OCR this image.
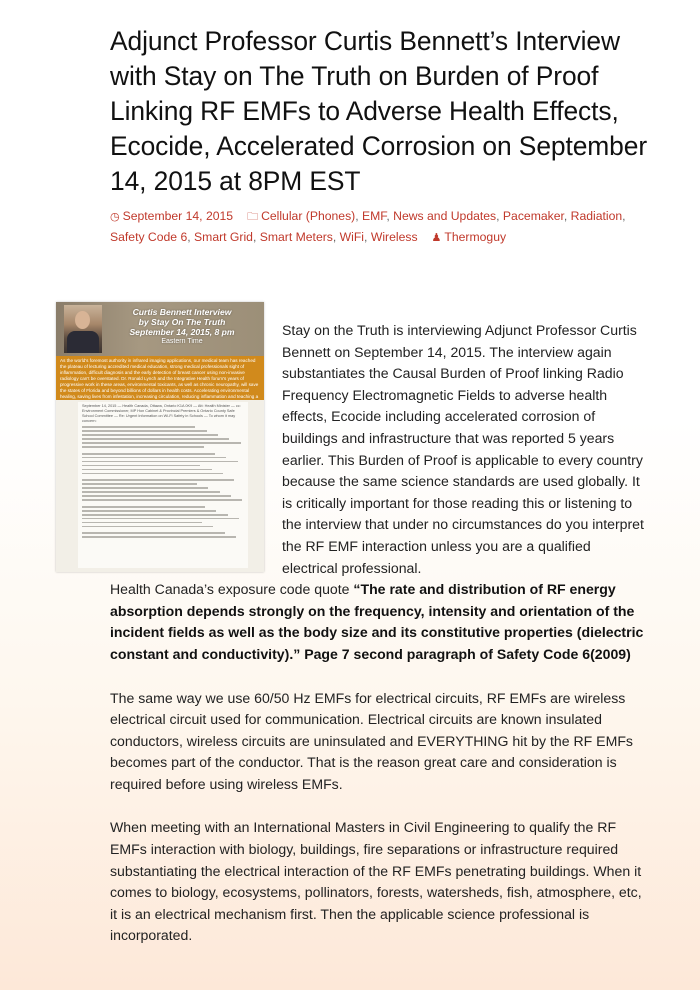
Adjunct Professor Curtis Bennett’s Interview with Stay on The Truth on Burden of Proof Linking RF EMFs to Adverse Health Effects, Ecocide, Accelerated Corrosion on September 14, 2015 at 8PM EST
◷ September 14, 2015 🗀 Cellular (Phones), EMF, News and Updates, Pacemaker, Radiation, Safety Code 6, Smart Grid, Smart Meters, WiFi, Wireless ♟ Thermoguy
Curtis Bennett Interview
by Stay On The Truth
September 14, 2015, 8 pm
Eastern Time
As the world's foremost authority in infrared imaging applications, our medical team has reached the plateau of lecturing accredited medical education, strong medical professionals sight of inflammation, difficult diagnosis and the early detection of breast cancer using non-invasive radiology can't be overstated. Dr. Ronald Lynch and the Integrative Health forum's years of progressive work in these areas, environmental toxicants, as well as chronic neuropathy, will save the states of Florida and beyond billions of dollars in health costs. Accelerating environmental healing, saving lives from infestation, increasing circulation, reducing inflammation and teaching a
September 14, 2015 — Health Canada, Ottawa, Ontario K1A 0K9 — Att: Health Minister — cc: Environment Commissioner, MP Hon Cabinet & Provincial Premiers & Ontario County Safe School Committee — Re: Urgent Information on Wi-Fi Safety in Schools — To whom it may concern:

Stay on the Truth is interviewing Adjunct Professor Curtis Bennett on September 14, 2015. The interview again substantiates the Causal Burden of Proof linking Radio Frequency Electromagnetic Fields to adverse health effects, Ecocide including accelerated corrosion of buildings and infrastructure that was reported 5 years earlier. This Burden of Proof is applicable to every country because the same science standards are used globally. It is critically important for those reading this or listening to the interview that under no circumstances do you interpret the RF EMF interaction unless you are a qualified electrical professional.

Health Canada’s exposure code quote “The rate and distribution of RF energy absorption depends strongly on the frequency, intensity and orientation of the incident fields as well as the body size and its constitutive properties (dielectric constant and conductivity).” Page 7 second paragraph of Safety Code 6(2009)

The same way we use 60/50 Hz EMFs for electrical circuits, RF EMFs are wireless electrical circuit used for communication. Electrical circuits are known insulated conductors, wireless circuits are uninsulated and EVERYTHING hit by the RF EMFs becomes part of the conductor. That is the reason great care and consideration is required before using wireless EMFs.

When meeting with an International Masters in Civil Engineering to qualify the RF EMFs interaction with biology, buildings, fire separations or infrastructure required substantiating the electrical interaction of the RF EMFs penetrating buildings. When it comes to biology, ecosystems, pollinators, forests, watersheds, fish, atmosphere, etc, it is an electrical mechanism first. Then the applicable science professional is incorporated.
